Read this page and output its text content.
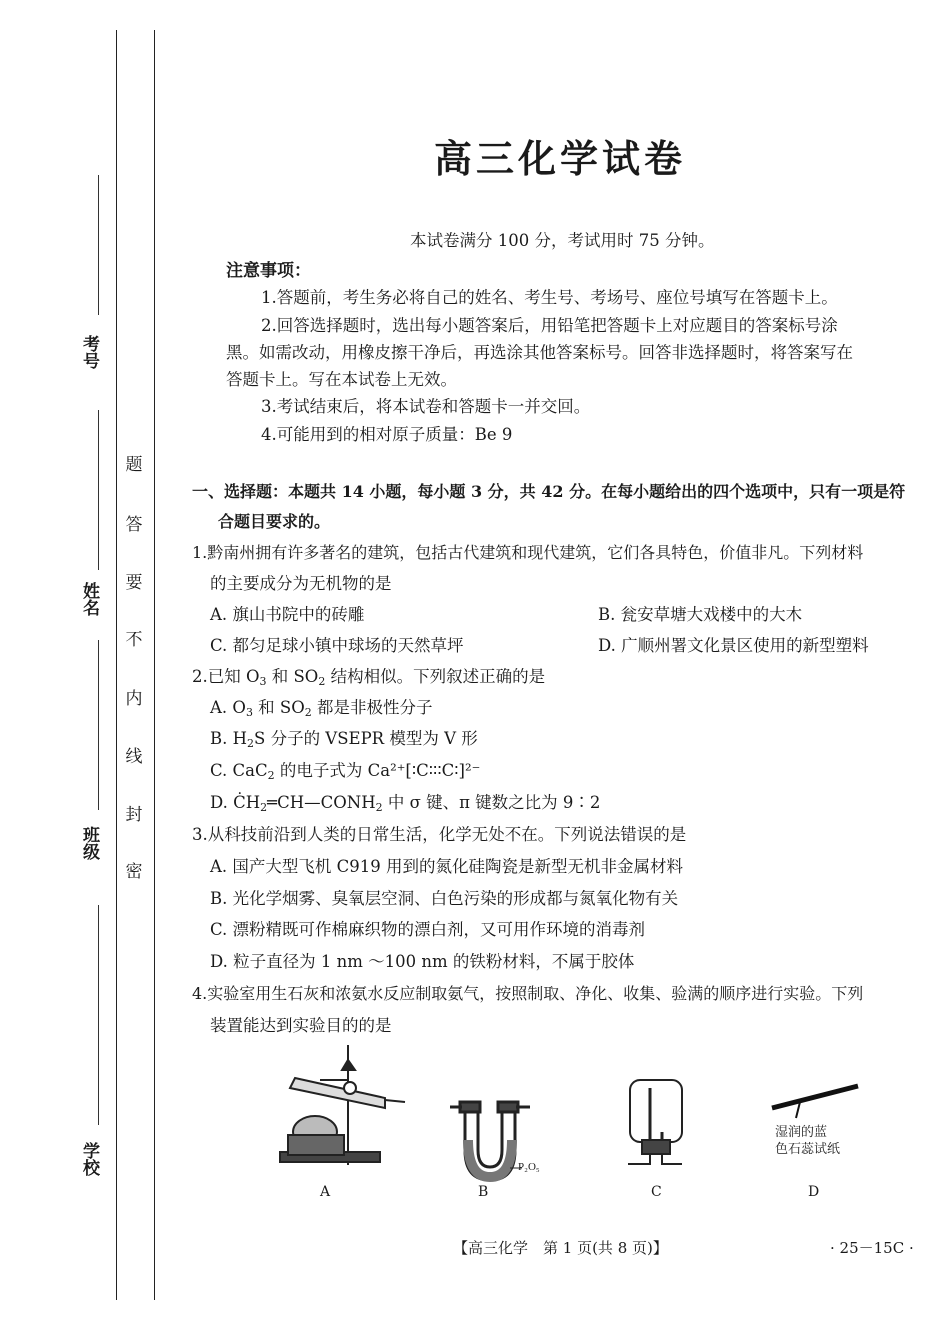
考号
姓名
班级
学校
题
答
要
不
内
线
封
密
高三化学试卷
本试卷满分 100 分，考试用时 75 分钟。
注意事项：
1.答题前，考生务必将自己的姓名、考生号、考场号、座位号填写在答题卡上。
2.回答选择题时，选出每小题答案后，用铅笔把答题卡上对应题目的答案标号涂
黑。如需改动，用橡皮擦干净后，再选涂其他答案标号。回答非选择题时，将答案写在
答题卡上。写在本试卷上无效。
3.考试结束后，将本试卷和答题卡一并交回。
4.可能用到的相对原子质量：Be 9
一、选择题：本题共 14 小题，每小题 3 分，共 42 分。在每小题给出的四个选项中，只有一项是符
合题目要求的。
1.黔南州拥有许多著名的建筑，包括古代建筑和现代建筑，它们各具特色，价值非凡。下列材料
的主要成分为无机物的是
A. 旗山书院中的砖雕	B. 瓮安草塘大戏楼中的大木
C. 都匀足球小镇中球场的天然草坪	D. 广顺州署文化景区使用的新型塑料
2.已知 $O_3$ 和 $SO_2$ 结构相似。下列叙述正确的是
A. $O_3$ 和 $SO_2$ 都是非极性分子
B. $H_2S$ 分子的 VSEPR 模型为 V 形
C. CaC$_2$ 的电子式为 Ca²⁺[∶C∶∶∶C∶]²⁻
D. $ĊH_2═CH—CONH_2$ 中 σ 键、π 键数之比为 9∶2
3.从科技前沿到人类的日常生活，化学无处不在。下列说法错误的是
A. 国产大型飞机 C919 用到的氮化硅陶瓷是新型无机非金属材料
B. 光化学烟雾、臭氧层空洞、白色污染的形成都与氮氧化物有关
C. 漂粉精既可作棉麻织物的漂白剂，又可用作环境的消毒剂
D. 粒子直径为 1 nm ～100 nm 的铁粉材料，不属于胶体
4.实验室用生石灰和浓氨水反应制取氨气，按照制取、净化、收集、验满的顺序进行实验。下列
装置能达到实验目的的是
P₂O₅
湿润的蓝
色石蕊试纸
A	B	C	D
【高三化学　第 1 页(共 8 页)】	· 25－15C ·
